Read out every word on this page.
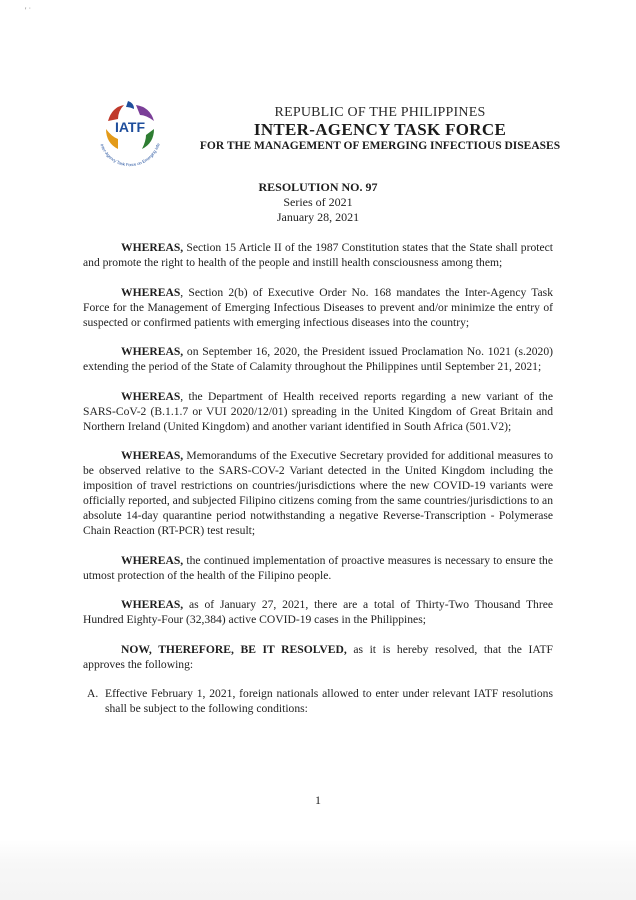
' ˙
IATF
Inter-Agency Task Force on Emerging Infe
REPUBLIC OF THE PHILIPPINES
INTER-AGENCY TASK FORCE
FOR THE MANAGEMENT OF EMERGING INFECTIOUS DISEASES
RESOLUTION NO. 97
Series of 2021
January 28, 2021

WHEREAS, Section 15 Article II of the 1987 Constitution states that the State shall protect and promote the right to health of the people and instill health consciousness among them;

WHEREAS, Section 2(b) of Executive Order No. 168 mandates the Inter-Agency Task Force for the Management of Emerging Infectious Diseases to prevent and/or minimize the entry of suspected or confirmed patients with emerging infectious diseases into the country;

WHEREAS, on September 16, 2020, the President issued Proclamation No. 1021 (s.2020) extending the period of the State of Calamity throughout the Philippines until September 21, 2021;

WHEREAS, the Department of Health received reports regarding a new variant of the SARS-CoV-2 (B.1.1.7 or VUI 2020/12/01) spreading in the United Kingdom of Great Britain and Northern Ireland (United Kingdom) and another variant identified in South Africa (501.V2);

WHEREAS, Memorandums of the Executive Secretary provided for additional measures to be observed relative to the SARS-COV-2 Variant detected in the United Kingdom including the imposition of travel restrictions on countries/jurisdictions where the new COVID-19 variants were officially reported, and subjected Filipino citizens coming from the same countries/jurisdictions to an absolute 14-day quarantine period notwithstanding a negative Reverse-Transcription - Polymerase Chain Reaction (RT-PCR) test result;

WHEREAS, the continued implementation of proactive measures is necessary to ensure the utmost protection of the health of the Filipino people.

WHEREAS, as of January 27, 2021, there are a total of Thirty-Two Thousand Three Hundred Eighty-Four (32,384) active COVID-19 cases in the Philippines;

NOW, THEREFORE, BE IT RESOLVED, as it is hereby resolved, that the IATF approves the following:

A. Effective February 1, 2021, foreign nationals allowed to enter under relevant IATF resolutions shall be subject to the following conditions:
1
